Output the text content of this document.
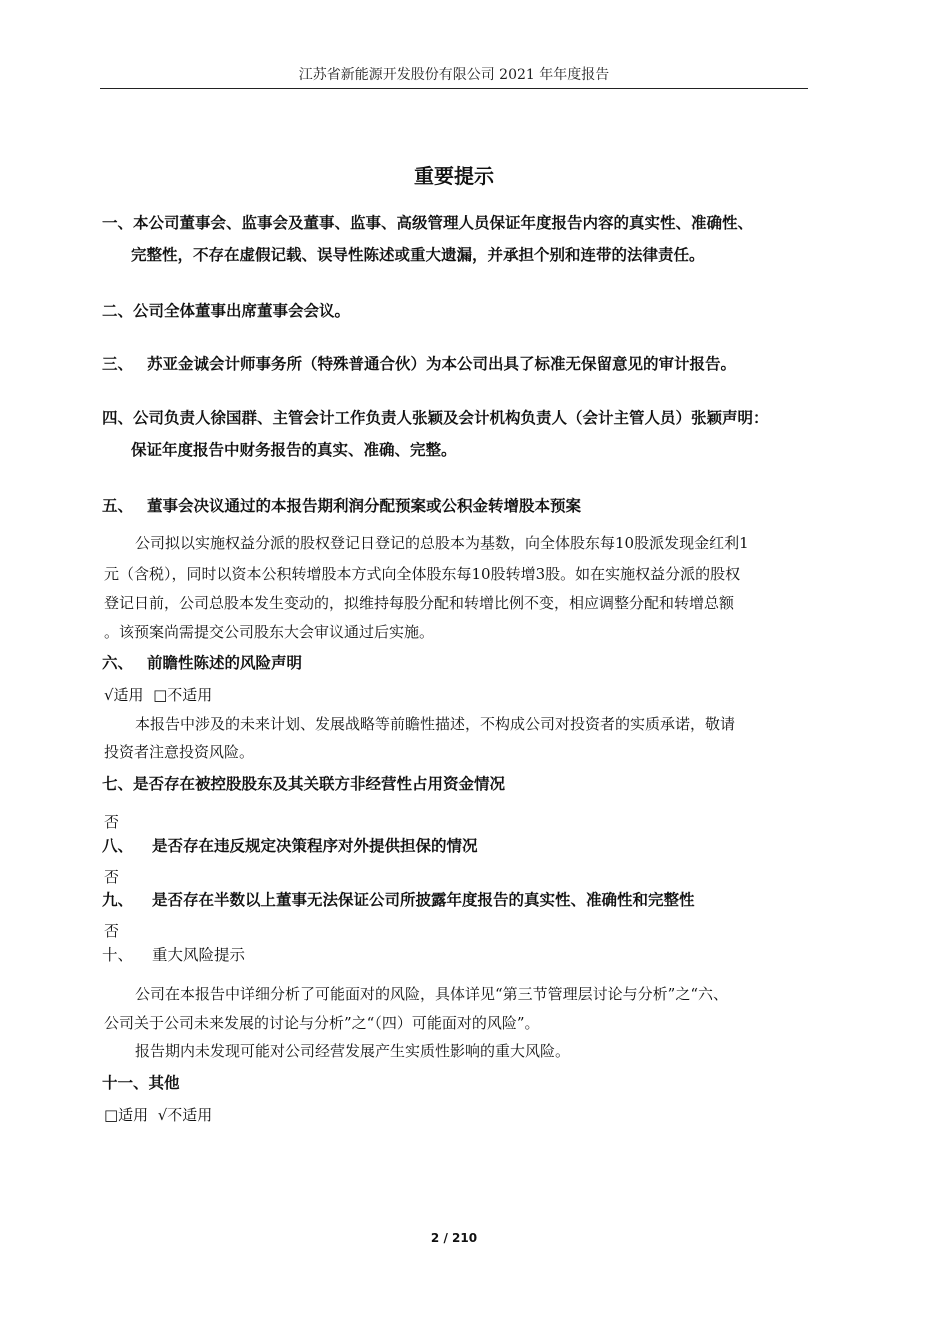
江苏省新能源开发股份有限公司 2021 年年度报告
重要提示
一、本公司董事会、监事会及董事、监事、高级管理人员保证年度报告内容的真实性、准确性、
完整性，不存在虚假记载、误导性陈述或重大遗漏，并承担个别和连带的法律责任。
二、公司全体董事出席董事会会议。
三、 苏亚金诚会计师事务所（特殊普通合伙）为本公司出具了标准无保留意见的审计报告。
四、公司负责人徐国群、主管会计工作负责人张颖及会计机构负责人（会计主管人员）张颖声明：
保证年度报告中财务报告的真实、准确、完整。
五、 董事会决议通过的本报告期利润分配预案或公积金转增股本预案
公司拟以实施权益分派的股权登记日登记的总股本为基数，向全体股东每10股派发现金红利1
元（含税），同时以资本公积转增股本方式向全体股东每10股转增3股。如在实施权益分派的股权
登记日前，公司总股本发生变动的，拟维持每股分配和转增比例不变，相应调整分配和转增总额
。该预案尚需提交公司股东大会审议通过后实施。
六、 前瞻性陈述的风险声明
√适用  □不适用
本报告中涉及的未来计划、发展战略等前瞻性描述，不构成公司对投资者的实质承诺，敬请
投资者注意投资风险。
七、是否存在被控股股东及其关联方非经营性占用资金情况
否
八、 是否存在违反规定决策程序对外提供担保的情况
否
九、 是否存在半数以上董事无法保证公司所披露年度报告的真实性、准确性和完整性
否
十、 重大风险提示
公司在本报告中详细分析了可能面对的风险，具体详见“第三节管理层讨论与分析”之“六、
公司关于公司未来发展的讨论与分析”之“（四）可能面对的风险”。
报告期内未发现可能对公司经营发展产生实质性影响的重大风险。
十一、其他
□适用  √不适用
2 / 210
